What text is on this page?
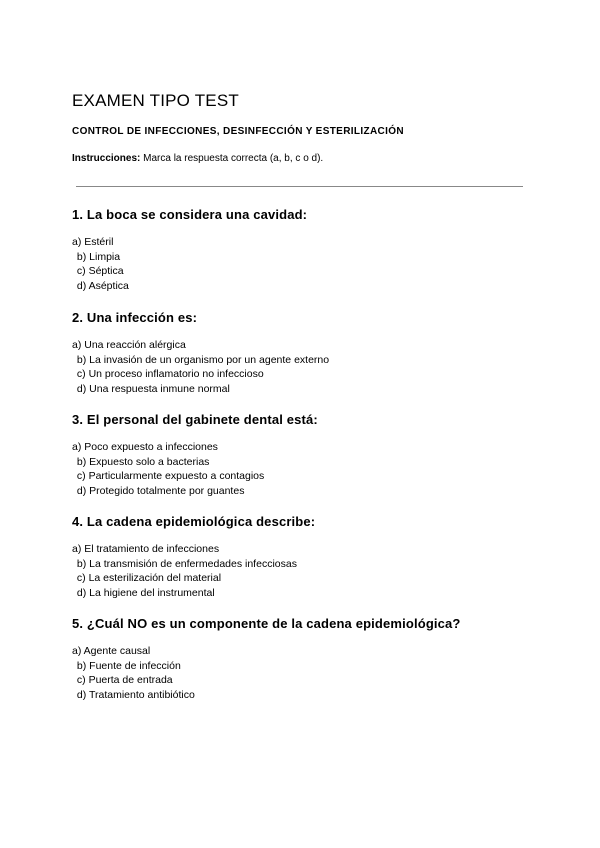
EXAMEN TIPO TEST
CONTROL DE INFECCIONES, DESINFECCIÓN Y ESTERILIZACIÓN
Instrucciones: Marca la respuesta correcta (a, b, c o d).

1. La boca se considera una cavidad:

a) Estéril
b) Limpia
c) Séptica
d) Aséptica

2. Una infección es:

a) Una reacción alérgica
b) La invasión de un organismo por un agente externo
c) Un proceso inflamatorio no infeccioso
d) Una respuesta inmune normal

3. El personal del gabinete dental está:

a) Poco expuesto a infecciones
b) Expuesto solo a bacterias
c) Particularmente expuesto a contagios
d) Protegido totalmente por guantes

4. La cadena epidemiológica describe:

a) El tratamiento de infecciones
b) La transmisión de enfermedades infecciosas
c) La esterilización del material
d) La higiene del instrumental

5. ¿Cuál NO es un componente de la cadena epidemiológica?

a) Agente causal
b) Fuente de infección
c) Puerta de entrada
d) Tratamiento antibiótico
